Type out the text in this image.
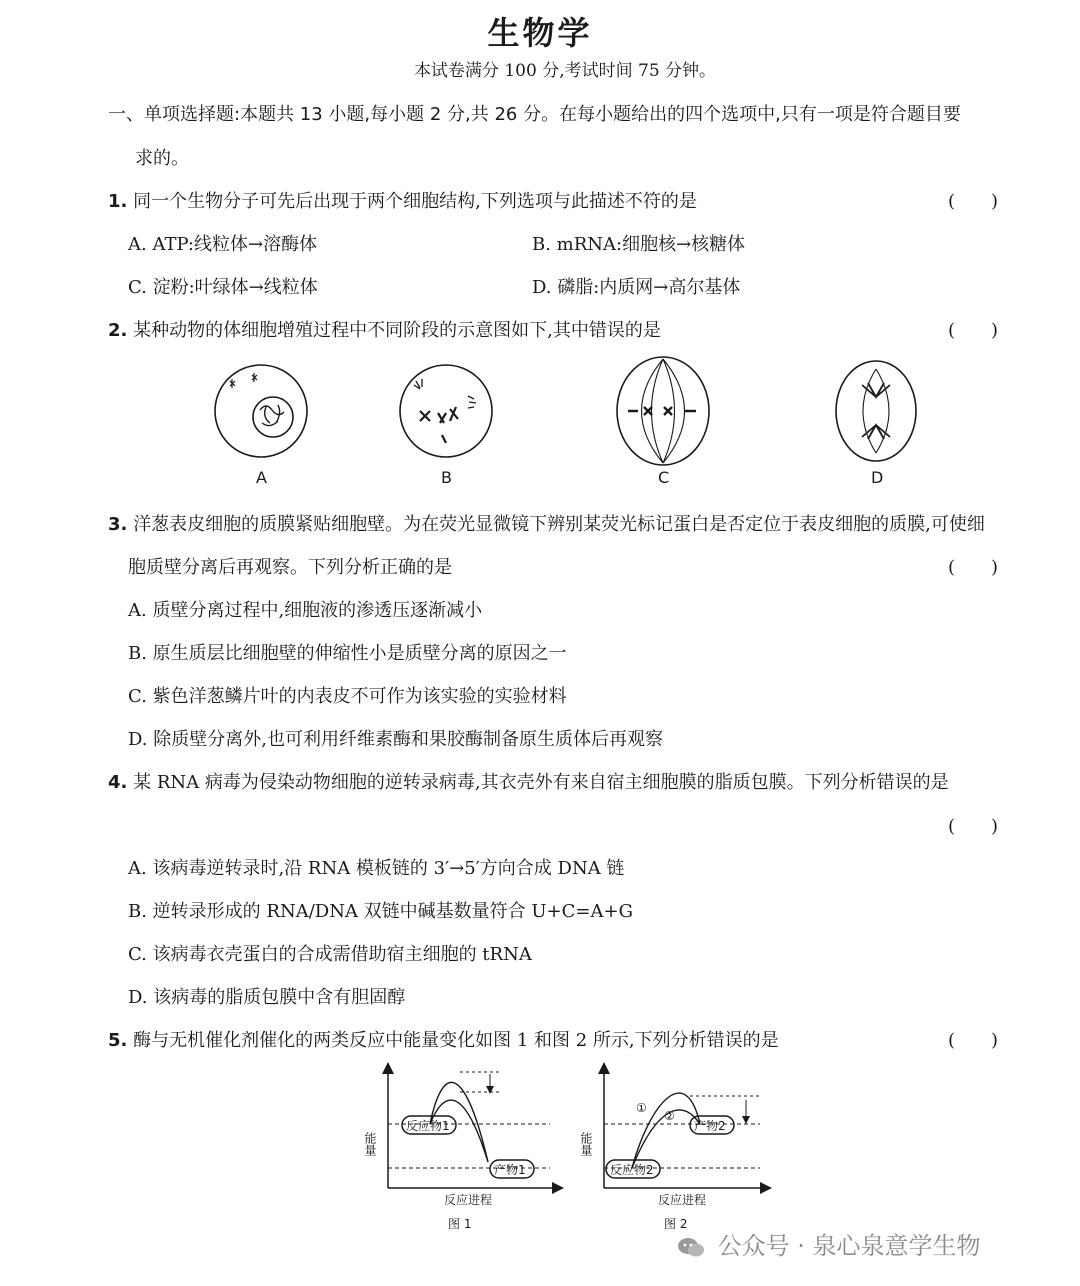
生物学
本试卷满分 100 分,考试时间 75 分钟。
一、单项选择题:本题共 13 小题,每小题 2 分,共 26 分。在每小题给出的四个选项中,只有一项是符合题目要
求的。
1. 同一个生物分子可先后出现于两个细胞结构,下列选项与此描述不符的是	(　　)
A. ATP:线粒体→溶酶体	B. mRNA:细胞核→核糖体
C. 淀粉:叶绿体→线粒体	D. 磷脂:内质网→高尔基体
2. 某种动物的体细胞增殖过程中不同阶段的示意图如下,其中错误的是	(　　)
A	B	C	D
3. 洋葱表皮细胞的质膜紧贴细胞壁。为在荧光显微镜下辨别某荧光标记蛋白是否定位于表皮细胞的质膜,可使细
胞质壁分离后再观察。下列分析正确的是	(　　)
A. 质壁分离过程中,细胞液的渗透压逐渐减小
B. 原生质层比细胞壁的伸缩性小是质壁分离的原因之一
C. 紫色洋葱鳞片叶的内表皮不可作为该实验的实验材料
D. 除质壁分离外,也可利用纤维素酶和果胶酶制备原生质体后再观察
4. 某 RNA 病毒为侵染动物细胞的逆转录病毒,其衣壳外有来自宿主细胞膜的脂质包膜。下列分析错误的是
(　　)
A. 该病毒逆转录时,沿 RNA 模板链的 3′→5′方向合成 DNA 链
B. 逆转录形成的 RNA/DNA 双链中碱基数量符合 U+C=A+G
C. 该病毒衣壳蛋白的合成需借助宿主细胞的 tRNA
D. 该病毒的脂质包膜中含有胆固醇
5. 酶与无机催化剂催化的两类反应中能量变化如图 1 和图 2 所示,下列分析错误的是	(　　)
能量
反应物1
产物1
反应进程
图 1
能量
反应物2
产物2
①
②
反应进程
图 2
公众号 · 泉心泉意学生物
